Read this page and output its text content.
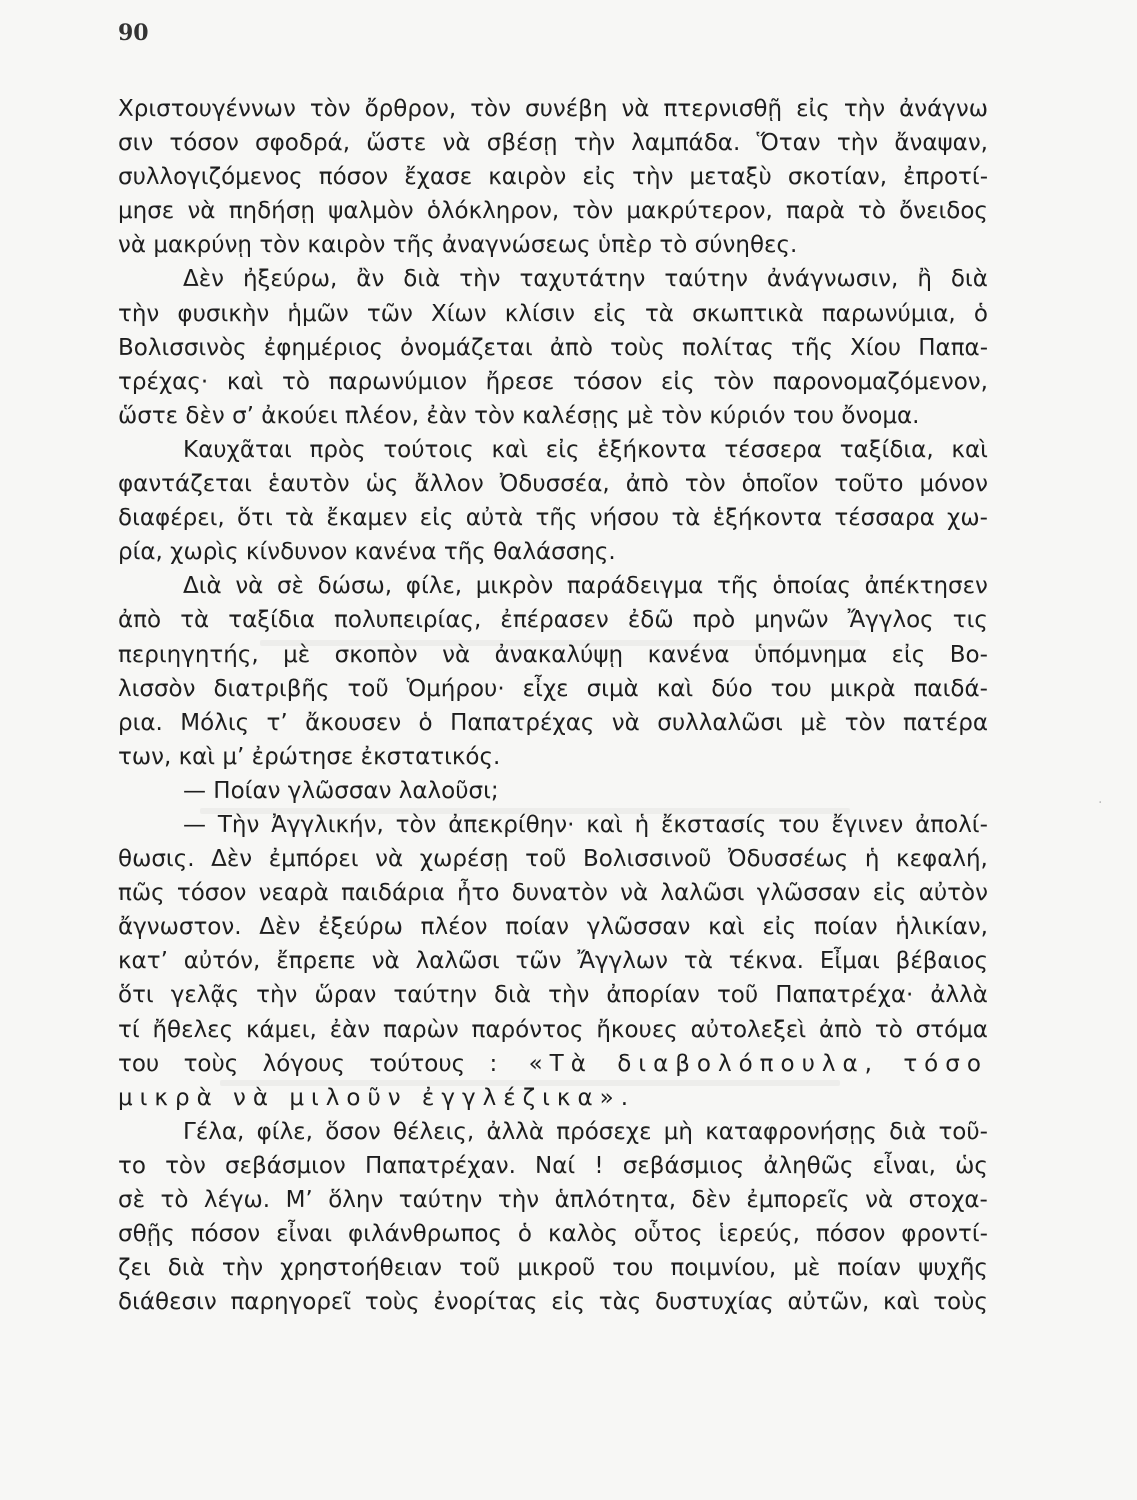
90
·
Χριστουγέννων τὸν ὄρθρον, τὸν συνέβη νὰ πτερνισθῇ εἰς τὴν ἀνάγνω
σιν τόσον σφοδρά, ὥστε νὰ σβέσῃ τὴν λαμπάδα. Ὅταν τὴν ἄναψαν,
συλλογιζόμενος πόσον ἔχασε καιρὸν εἰς τὴν μεταξὺ σκοτίαν, ἐπροτί-
μησε νὰ πηδήσῃ ψαλμὸν ὁλόκληρον, τὸν μακρύτερον, παρὰ τὸ ὄνειδος
νὰ μακρύνῃ τὸν καιρὸν τῆς ἀναγνώσεως ὑπὲρ τὸ σύνηθες.
Δὲν ἠξεύρω, ἂν διὰ τὴν ταχυτάτην ταύτην ἀνάγνωσιν, ἢ διὰ
τὴν φυσικὴν ἡμῶν τῶν Χίων κλίσιν εἰς τὰ σκωπτικὰ παρωνύμια, ὁ
Βολισσινὸς ἐφημέριος ὀνομάζεται ἀπὸ τοὺς πολίτας τῆς Χίου Παπα-
τρέχας· καὶ τὸ παρωνύμιον ἤρεσε τόσον εἰς τὸν παρονομαζόμενον,
ὥστε δὲν σ’ ἀκούει πλέον, ἐὰν τὸν καλέσῃς μὲ τὸν κύριόν του ὄνομα.
Καυχᾶται πρὸς τούτοις καὶ εἰς ἑξήκοντα τέσσερα ταξίδια, καὶ
φαντάζεται ἑαυτὸν ὡς ἄλλον Ὀδυσσέα, ἀπὸ τὸν ὁποῖον τοῦτο μόνον
διαφέρει, ὅτι τὰ ἔκαμεν εἰς αὐτὰ τῆς νήσου τὰ ἑξήκοντα τέσσαρα χω-
ρία, χωρὶς κίνδυνον κανένα τῆς θαλάσσης.
Διὰ νὰ σὲ δώσω, φίλε, μικρὸν παράδειγμα τῆς ὁποίας ἀπέκτησεν
ἀπὸ τὰ ταξίδια πολυπειρίας, ἐπέρασεν ἐδῶ πρὸ μηνῶν Ἄγγλος τις
περιηγητής, μὲ σκοπὸν νὰ ἀνακαλύψῃ κανένα ὑπόμνημα εἰς Βο-
λισσὸν διατριβῆς τοῦ Ὁμήρου· εἶχε σιμὰ καὶ δύο του μικρὰ παιδά-
ρια. Μόλις τ’ ἄκουσεν ὁ Παπατρέχας νὰ συλλαλῶσι μὲ τὸν πατέρα
των, καὶ μ’ ἐρώτησε ἐκστατικός.
— Ποίαν γλῶσσαν λαλοῦσι;
— Τὴν Ἀγγλικήν, τὸν ἀπεκρίθην· καὶ ἡ ἔκστασίς του ἔγινεν ἀπολί-
θωσις. Δὲν ἐμπόρει νὰ χωρέσῃ τοῦ Βολισσινοῦ Ὀδυσσέως ἡ κεφαλή,
πῶς τόσον νεαρὰ παιδάρια ἦτο δυνατὸν νὰ λαλῶσι γλῶσσαν εἰς αὐτὸν
ἄγνωστον. Δὲν ἐξεύρω πλέον ποίαν γλῶσσαν καὶ εἰς ποίαν ἡλικίαν,
κατ’ αὐτόν, ἔπρεπε νὰ λαλῶσι τῶν Ἄγγλων τὰ τέκνα. Εἶμαι βέβαιος
ὅτι γελᾷς τὴν ὥραν ταύτην διὰ τὴν ἀπορίαν τοῦ Παπατρέχα· ἀλλὰ
τί ἤθελες κάμει, ἐὰν παρὼν παρόντος ἤκουες αὐτολεξεὶ ἀπὸ τὸ στόμα
του τοὺς λόγους τούτους : «Τὰ διαβολόπουλα, τόσο
μικρὰ νὰ μιλοῦν ἐγγλέζικα».
Γέλα, φίλε, ὅσον θέλεις, ἀλλὰ πρόσεχε μὴ καταφρονήσῃς διὰ τοῦ-
το τὸν σεβάσμιον Παπατρέχαν. Ναί ! σεβάσμιος ἀληθῶς εἶναι, ὡς
σὲ τὸ λέγω. Μ’ ὅλην ταύτην τὴν ἁπλότητα, δὲν ἐμπορεῖς νὰ στοχα-
σθῇς πόσον εἶναι φιλάνθρωπος ὁ καλὸς οὗτος ἱερεύς, πόσον φροντί-
ζει διὰ τὴν χρηστοήθειαν τοῦ μικροῦ του ποιμνίου, μὲ ποίαν ψυχῆς
διάθεσιν παρηγορεῖ τοὺς ἐνορίτας εἰς τὰς δυστυχίας αὐτῶν, καὶ τοὺς
